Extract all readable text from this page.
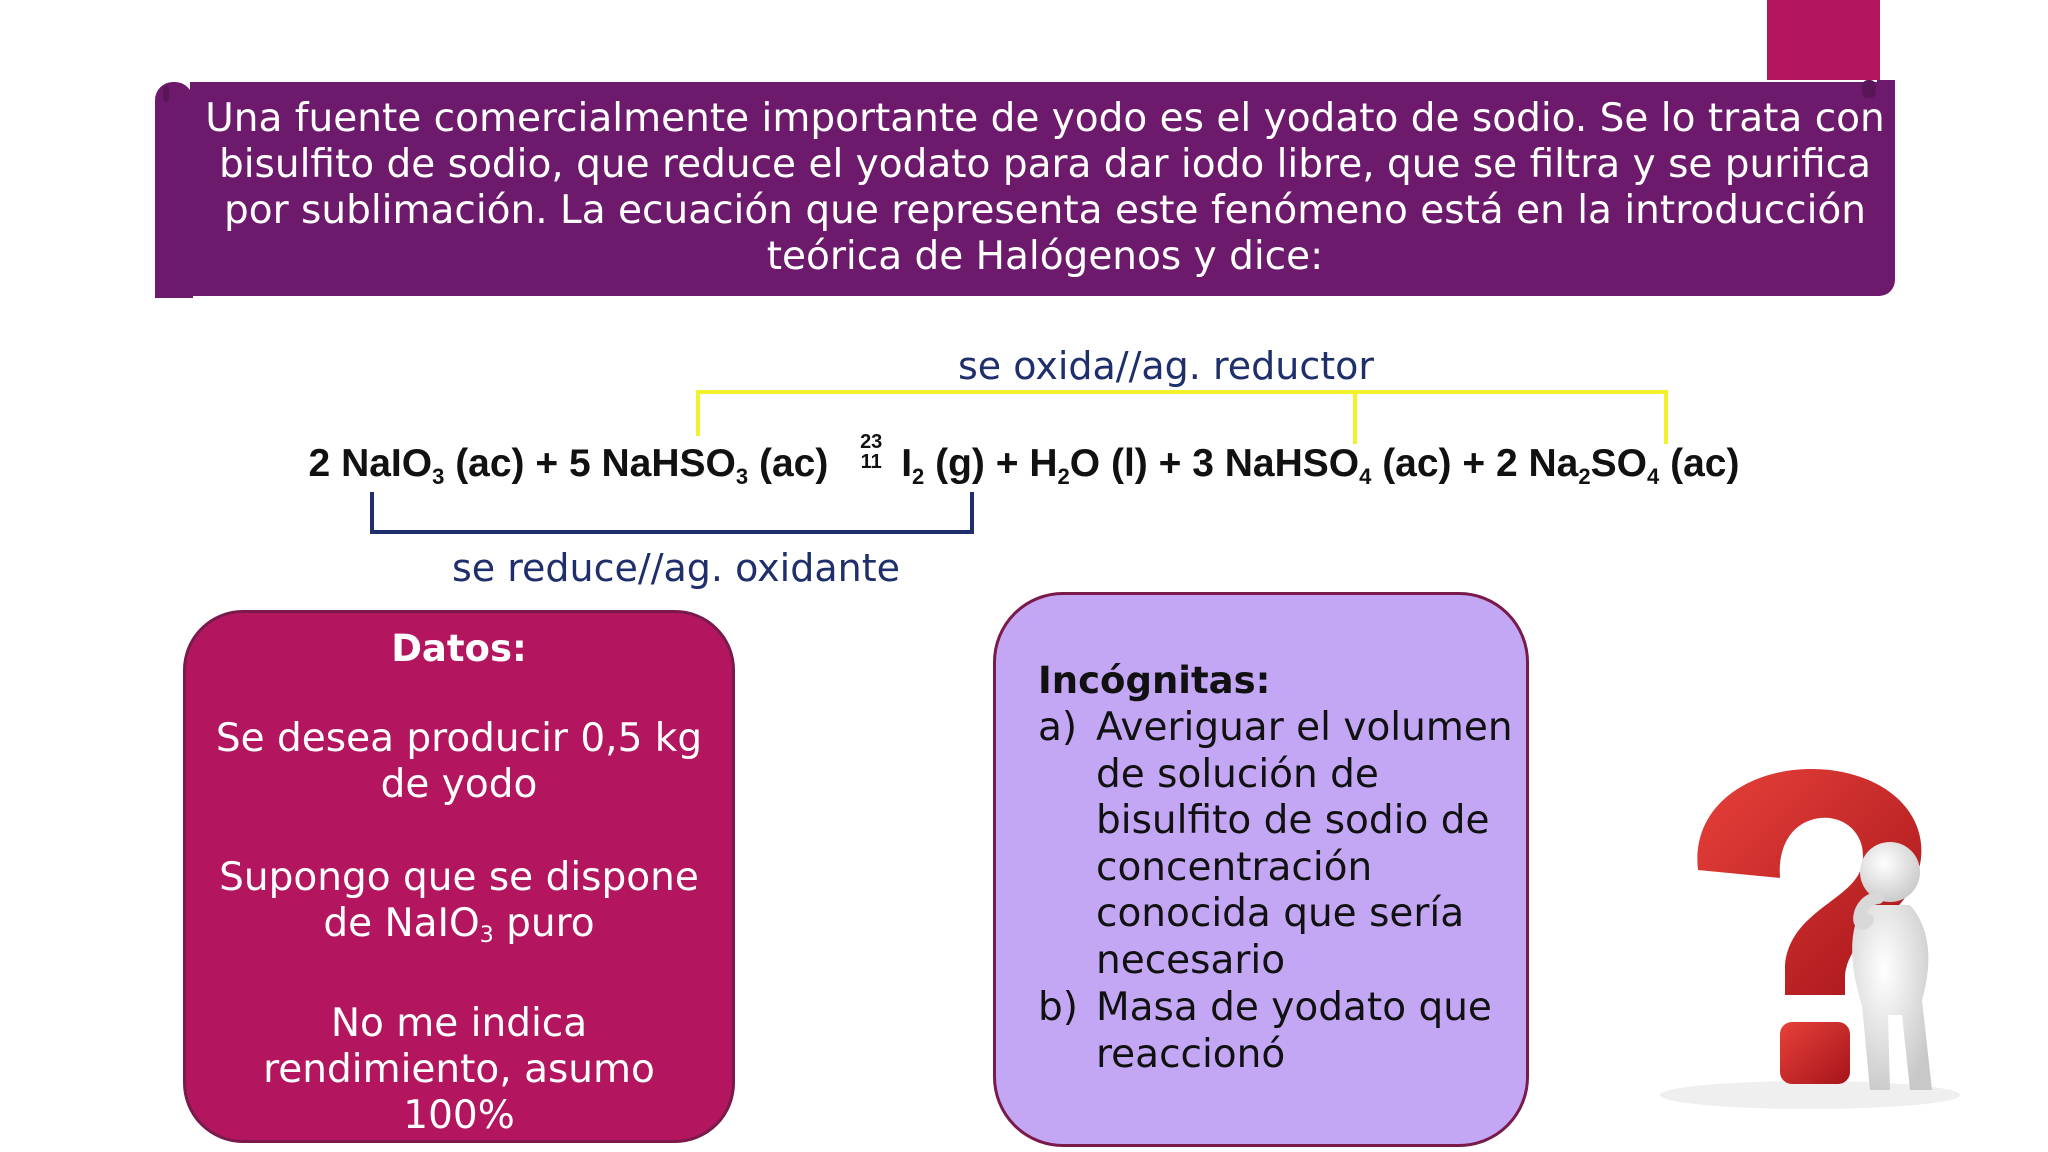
Una fuente comercialmente importante de yodo es el yodato de sodio. Se lo trata con bisulfito de sodio, que reduce el yodato para dar iodo libre, que se filtra y se purifica por sublimación. La ecuación que representa este fenómeno está en la introducción teórica de Halógenos y dice:
se oxida//ag. reductor
2 NaIO$_3$ (ac) + 5 NaHSO$_3$ (ac)	23
11 $I_2$ $(g) + H_2O$ (l) + 3 NaHSO$_4$ (ac) + 2 $Na_2SO_4$ (ac)
se reduce//ag. oxidante
Datos:
Se desea producir 0,5 kg
de yodo
Supongo que se dispone
de NaIO$_3$ puro
No me indica
rendimiento, asumo
100%
Incógnitas:
a) Averiguar el volumen de solución de bisulfito de sodio de concentración conocida que sería necesario
b) Masa de yodato que reaccionó
